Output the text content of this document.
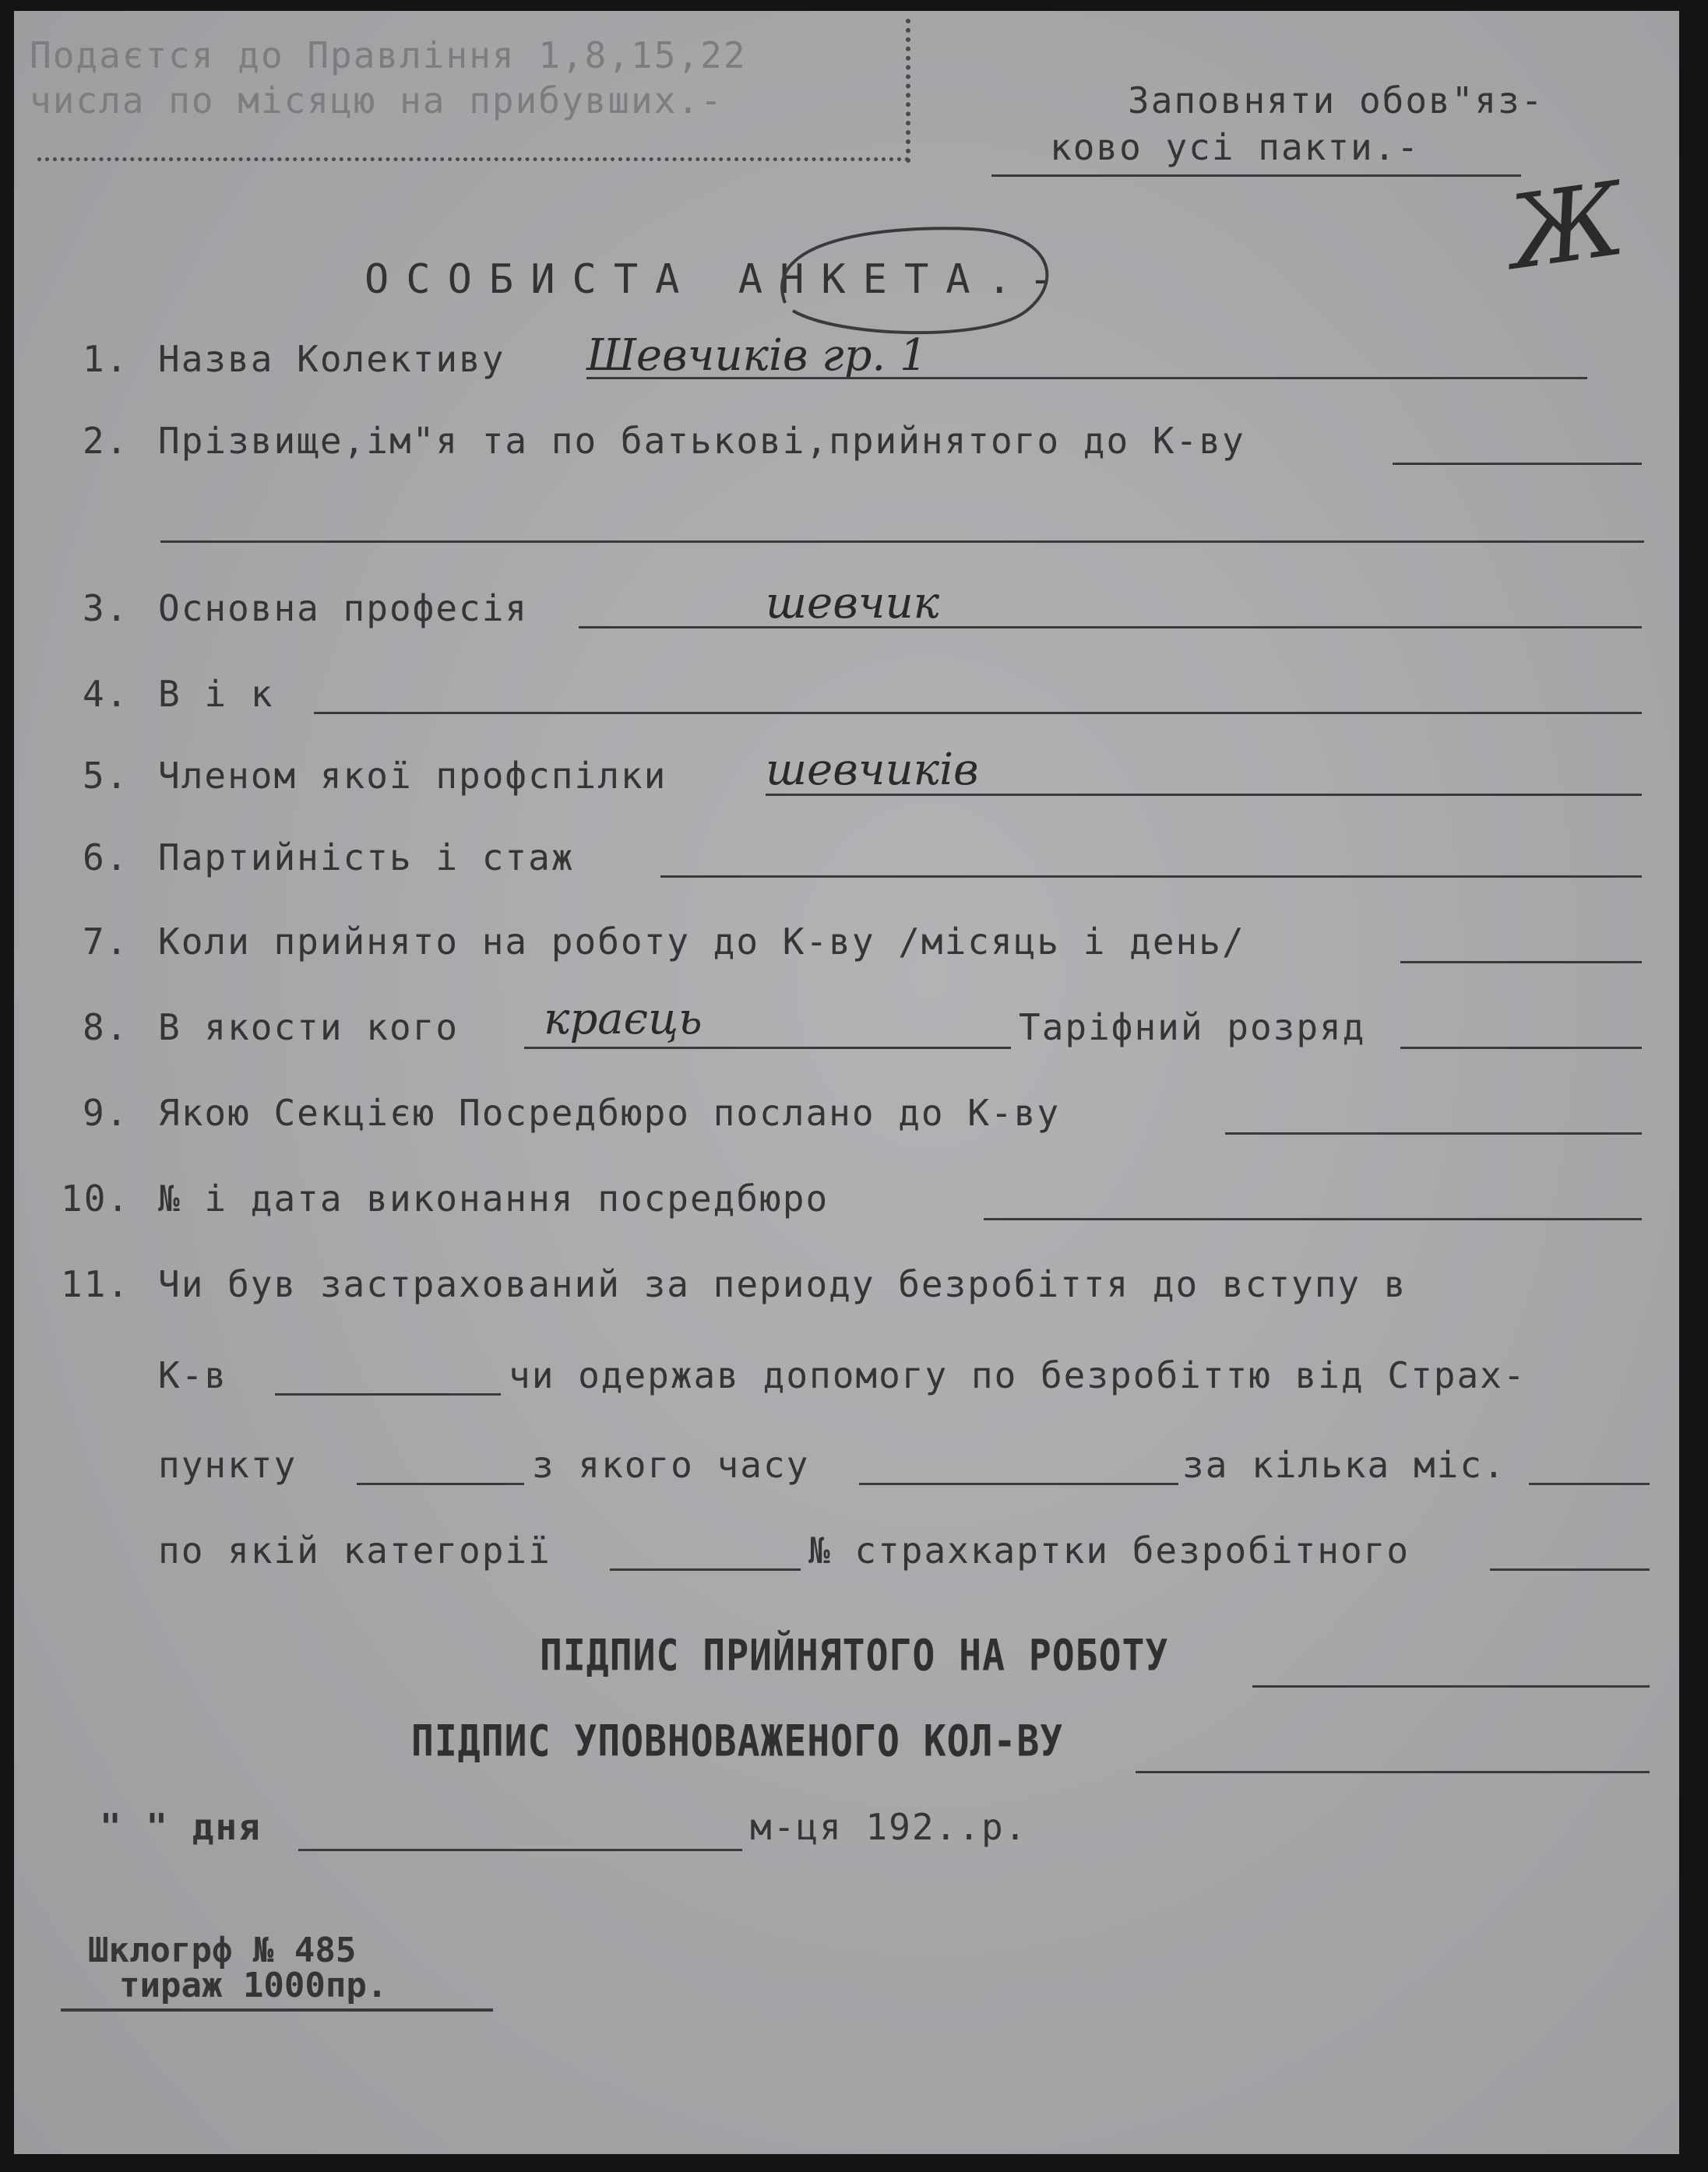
Подаєтся до Правління 1,8,15,22
числа по місяцю на прибувших.-	Заповняти обов"яз-
ково усі пакти.-
Ж
ОСОБИСТА АНКЕТА.-
1. Назва Колективу Шевчиків гр. 1
2. Прізвище,ім"я та по батькові,прийнятого до К-ву
3. Основна професія	шевчик
4. В і к
5. Членом якої профспілки шевчиків
6. Партийність і стаж
7. Коли прийнято на роботу до К-ву /місяць і день/
8. В якости кого краєць	Таріфний розряд
9. Якою Секцією Посредбюро послано до К-ву
10. № і дата виконання посредбюро
11. Чи був застрахований за периоду безробіття до вступу в
К-в	чи одержав допомогу по безробіттю від Страх-
пункту	з якого часу	за кілька міс.
по якій категорії	№ страхкартки безробітного
ПІДПИС ПРИЙНЯТОГО НА РОБОТУ
ПІДПИС УПОВНОВАЖЕНОГО КОЛ-ВУ
" " дня	м-ця 192..р.
Шклогрф № 485
тираж 1000пр.
